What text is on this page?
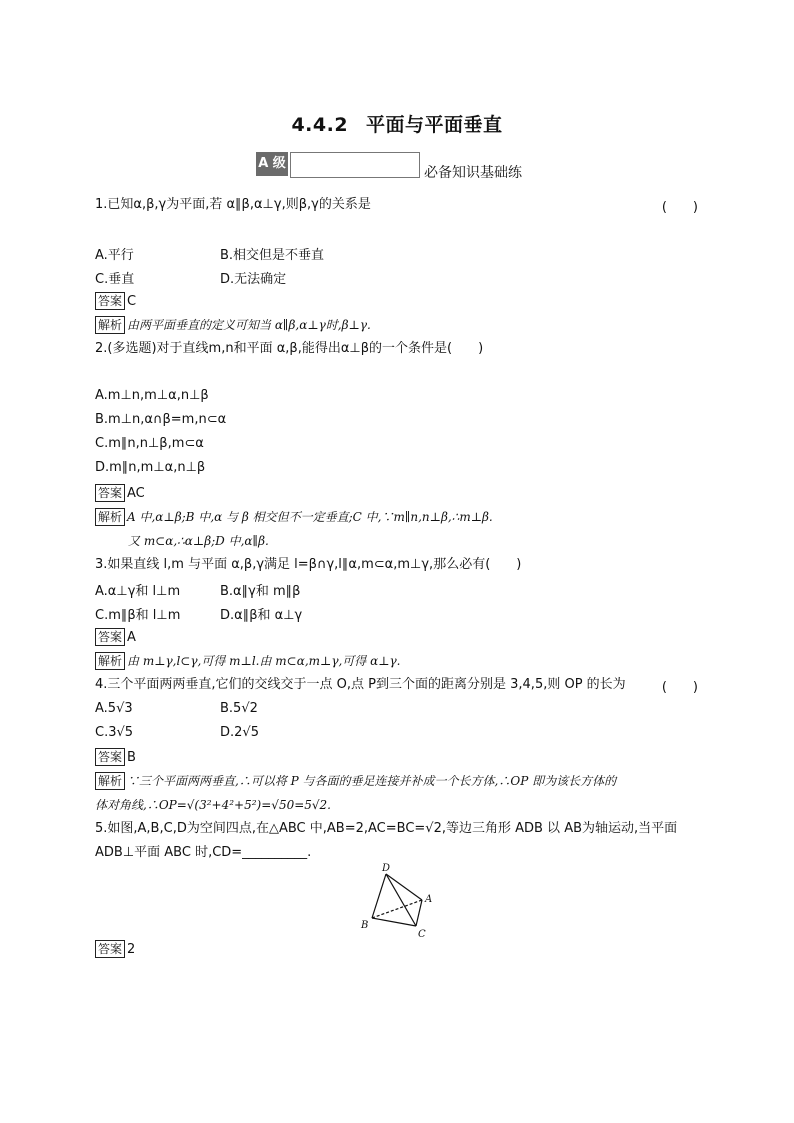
4.4.2 平面与平面垂直
A 级
必备知识基础练
1.已知α,β,γ为平面,若 α∥β,α⊥γ,则β,γ的关系是	(　　)
A.平行	B.相交但是不垂直
C.垂直	D.无法确定
答案 C
解析 由两平面垂直的定义可知当 α∥β,α⊥γ时,β⊥γ.
2.(多选题)对于直线m,n和平面 α,β,能得出α⊥β的一个条件是(　　)
A.m⊥n,m⊥α,n⊥β
B.m⊥n,α∩β=m,n⊂α
C.m∥n,n⊥β,m⊂α
D.m∥n,m⊥α,n⊥β
答案 AC
解析 A 中,α⊥β;B 中,α 与 β 相交但不一定垂直;C 中,∵m∥n,n⊥β,∴m⊥β.
又 m⊂α,∴α⊥β;D 中,α∥β.
3.如果直线 l,m 与平面 α,β,γ满足 l=β∩γ,l∥α,m⊂α,m⊥γ,那么必有(　　)
A.α⊥γ和 l⊥m	B.α∥γ和 m∥β
C.m∥β和 l⊥m	D.α∥β和 α⊥γ
答案 A
解析 由 m⊥γ,l⊂γ,可得 m⊥l.由 m⊂α,m⊥γ,可得 α⊥γ.
4.三个平面两两垂直,它们的交线交于一点 O,点 P到三个面的距离分别是 3,4,5,则 OP 的长为	(　　)
A.5√3	B.5√2
C.3√5	D.2√5
答案 B
解析 ∵三个平面两两垂直,∴可以将 P 与各面的垂足连接并补成一个长方体,∴OP 即为该长方体的
体对角线,∴OP=√(3²+4²+5²)=√50=5√2.
5.如图,A,B,C,D为空间四点,在△ABC 中,AB=2,AC=BC=√2,等边三角形 ADB 以 AB为轴运动,当平面
ADB⊥平面 ABC 时,CD=__________.
D
A
B
C
答案 2
